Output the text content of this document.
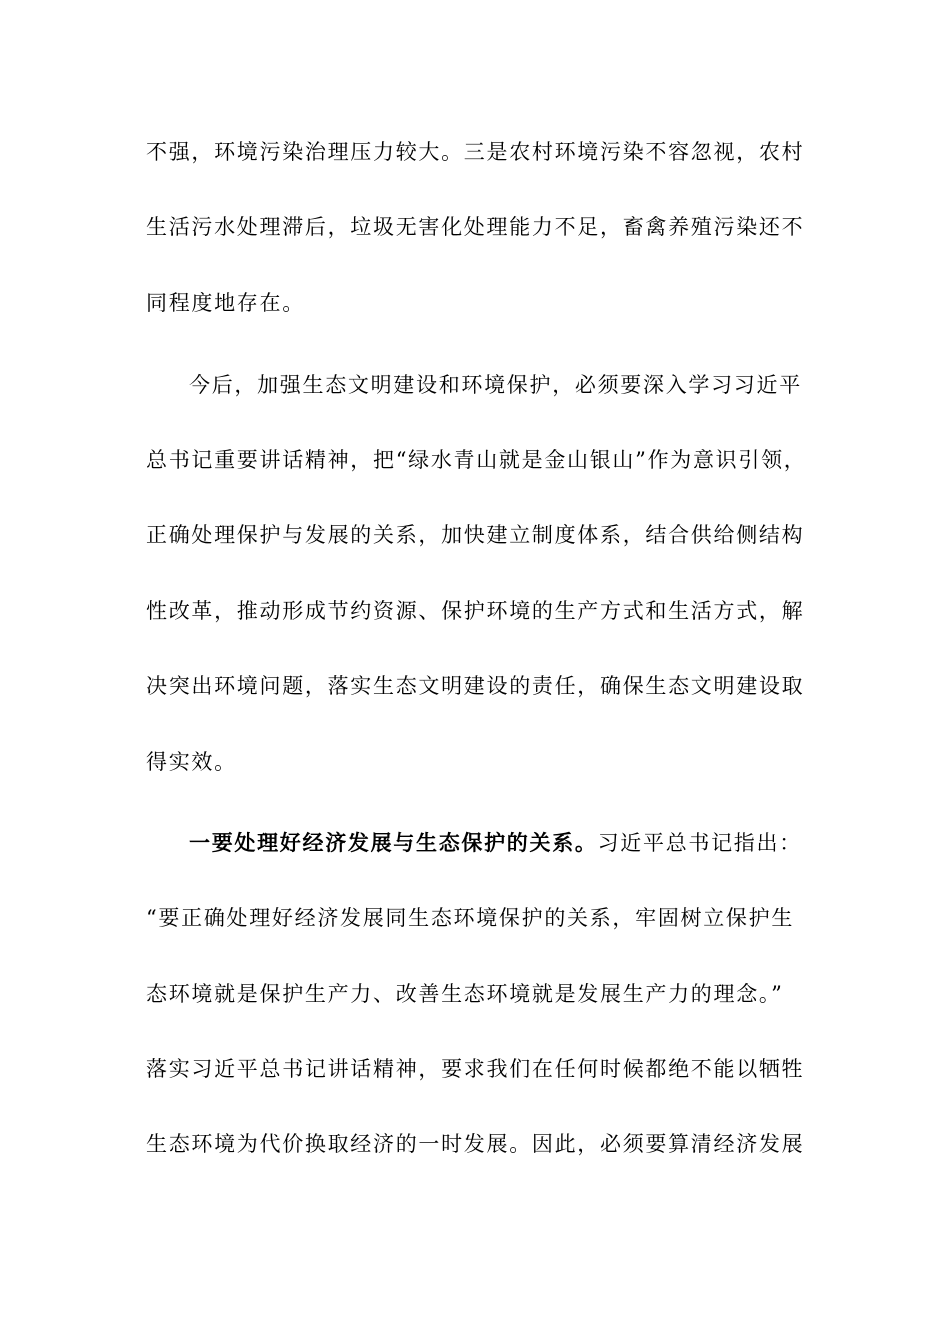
不强，环境污染治理压力较大。三是农村环境污染不容忽视，农村
生活污水处理滞后，垃圾无害化处理能力不足，畜禽养殖污染还不
同程度地存在。
今后，加强生态文明建设和环境保护，必须要深入学习习近平
总书记重要讲话精神，把“绿水青山就是金山银山”作为意识引领，
正确处理保护与发展的关系，加快建立制度体系，结合供给侧结构
性改革，推动形成节约资源、保护环境的生产方式和生活方式，解
决突出环境问题，落实生态文明建设的责任，确保生态文明建设取
得实效。
一要处理好经济发展与生态保护的关系。习近平总书记指出：
“要正确处理好经济发展同生态环境保护的关系，牢固树立保护生
态环境就是保护生产力、改善生态环境就是发展生产力的理念。”
落实习近平总书记讲话精神，要求我们在任何时候都绝不能以牺牲
生态环境为代价换取经济的一时发展。因此，必须要算清经济发展
